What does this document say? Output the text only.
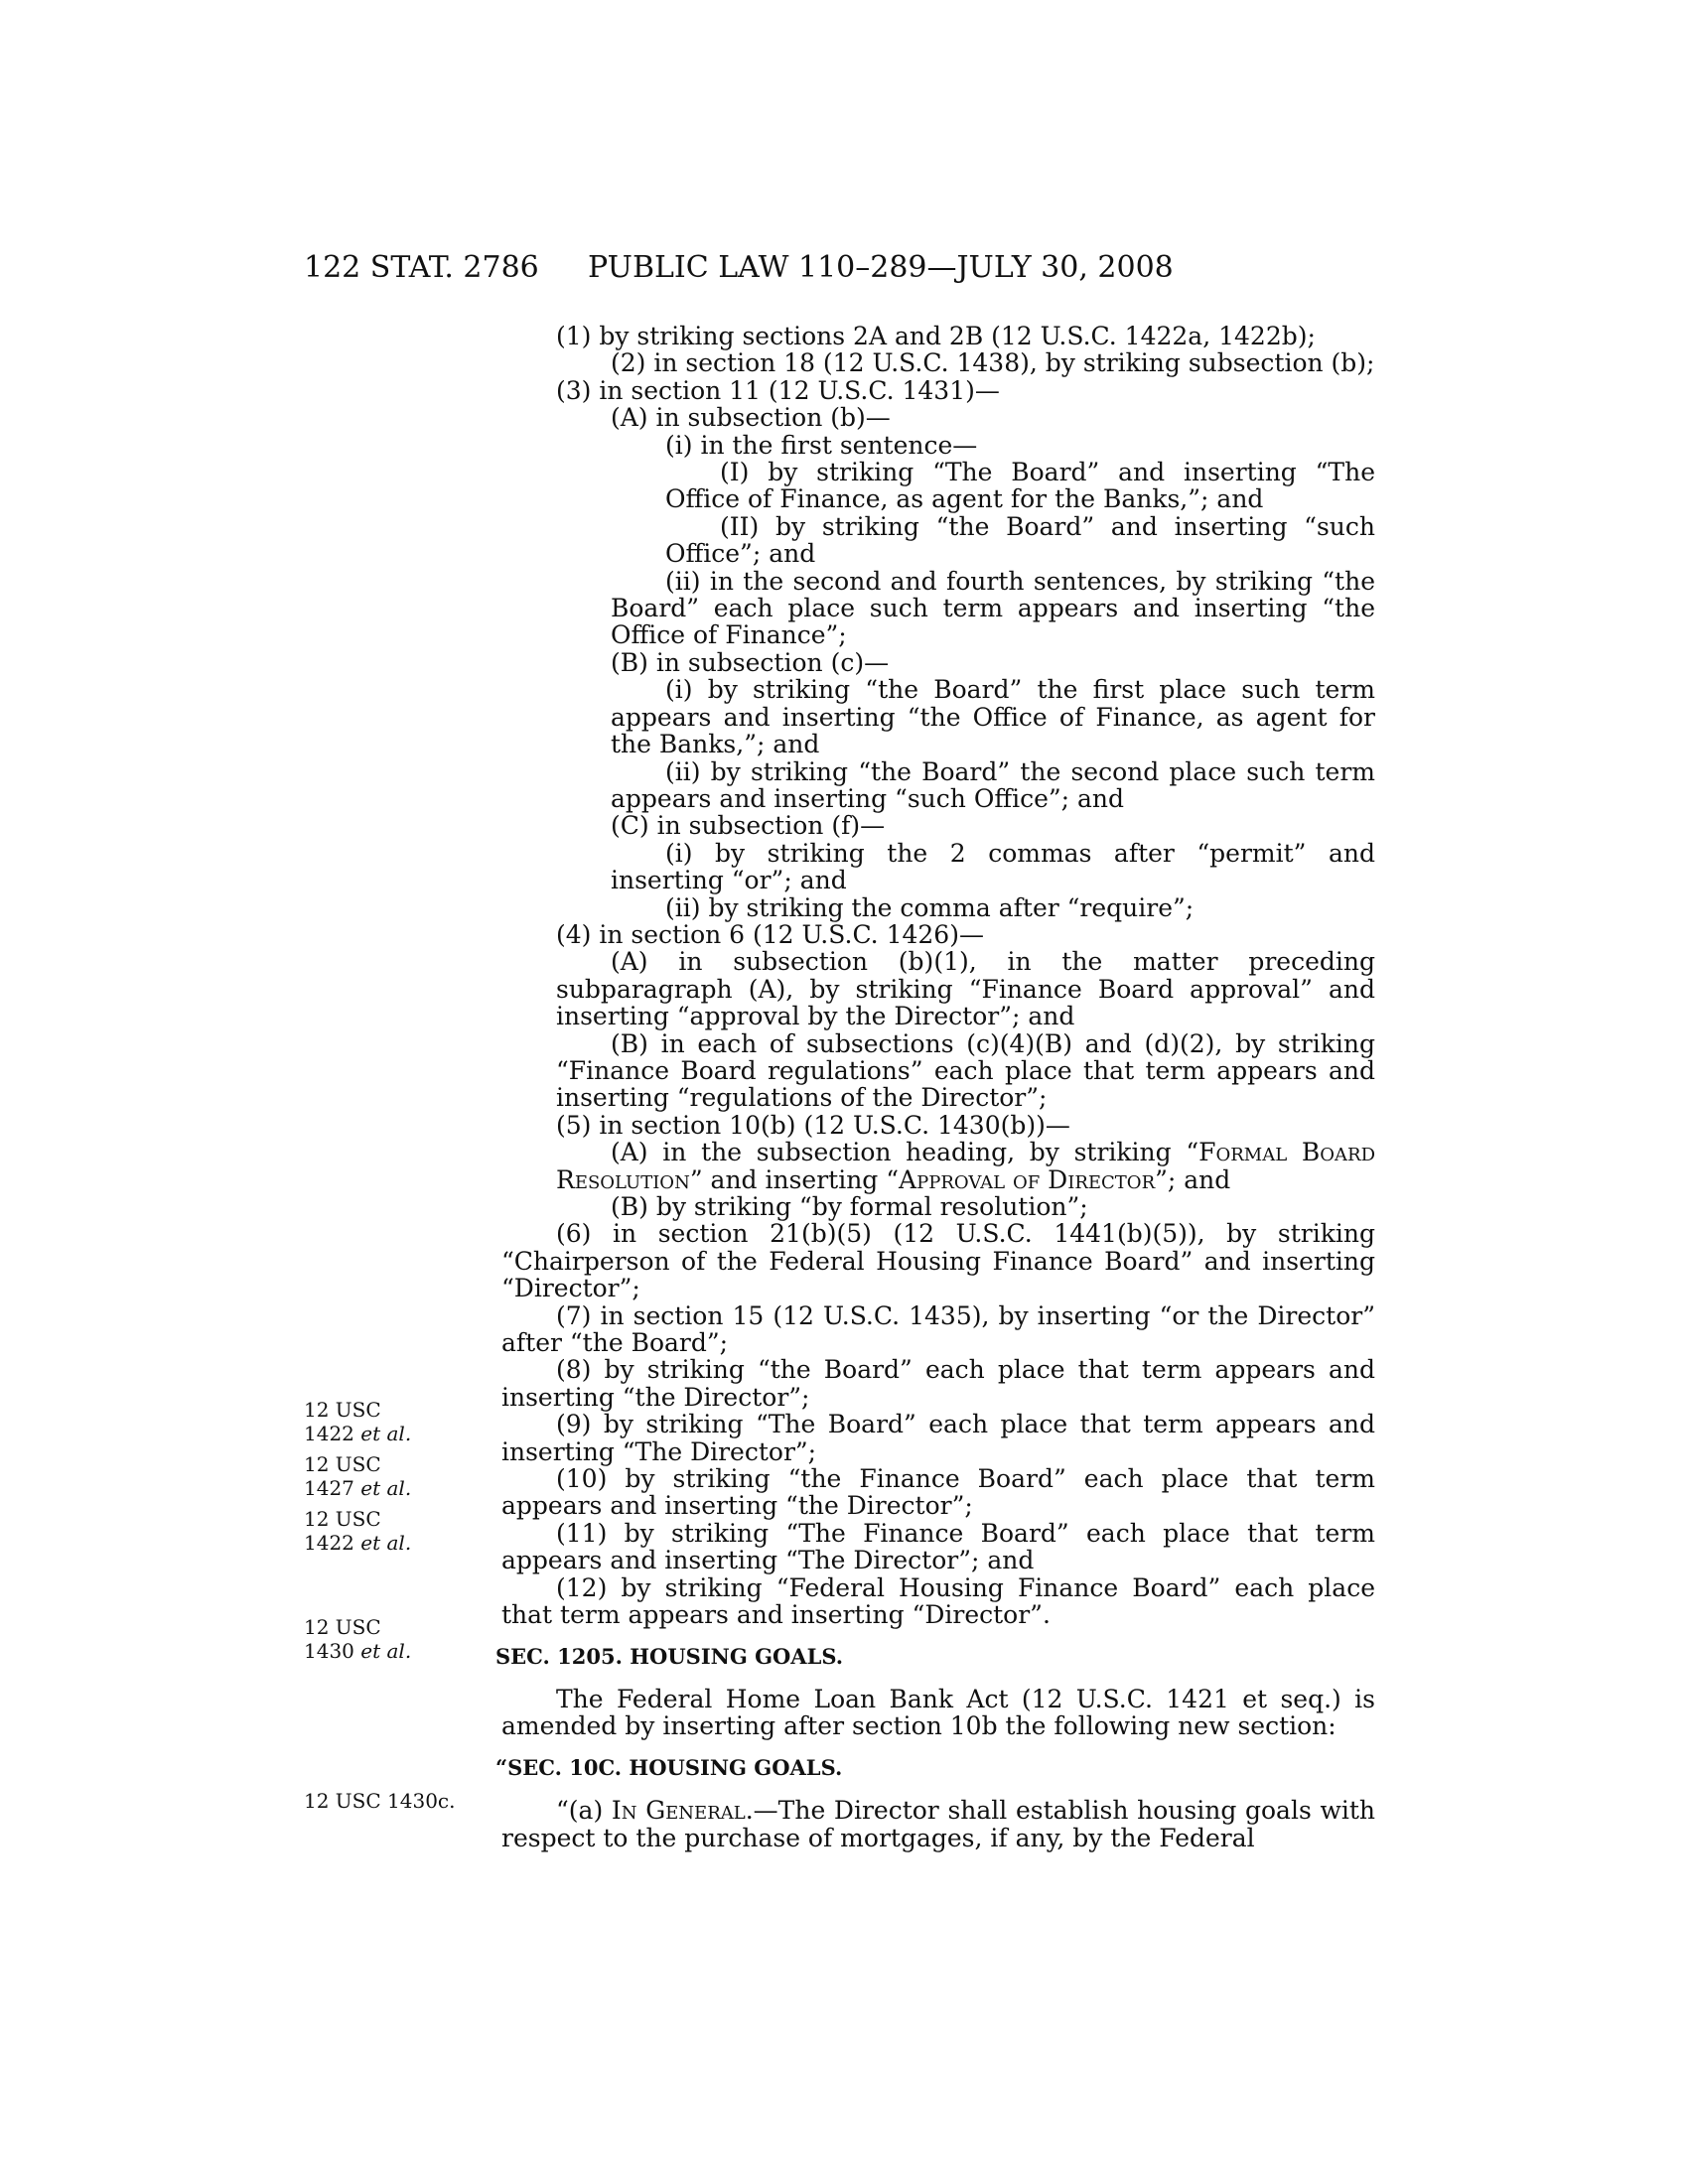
122 STAT. 2786 PUBLIC LAW 110–289—JULY 30, 2008
12 USC
1422 et al.
12 USC
1427 et al.
12 USC
1422 et al.
12 USC
1430 et al.
12 USC 1430c.

(1) by striking sections 2A and 2B (12 U.S.C. 1422a, 1422b);

(2) in section 18 (12 U.S.C. 1438), by striking subsection (b);

(3) in section 11 (12 U.S.C. 1431)—

(A) in subsection (b)—

(i) in the first sentence—

(I) by striking “The Board” and inserting “The Office of Finance, as agent for the Banks,”; and

(II) by striking “the Board” and inserting “such Office”; and

(ii) in the second and fourth sentences, by striking “the Board” each place such term appears and inserting “the Office of Finance”;

(B) in subsection (c)—

(i) by striking “the Board” the first place such term appears and inserting “the Office of Finance, as agent for the Banks,”; and

(ii) by striking “the Board” the second place such term appears and inserting “such Office”; and

(C) in subsection (f)—

(i) by striking the 2 commas after “permit” and inserting “or”; and

(ii) by striking the comma after “require”;

(4) in section 6 (12 U.S.C. 1426)—

(A) in subsection (b)(1), in the matter preceding subparagraph (A), by striking “Finance Board approval” and inserting “approval by the Director”; and

(B) in each of subsections (c)(4)(B) and (d)(2), by striking “Finance Board regulations” each place that term appears and inserting “regulations of the Director”;

(5) in section 10(b) (12 U.S.C. 1430(b))—

(A) in the subsection heading, by striking “Formal Board Resolution” and inserting “Approval of Director”; and

(B) by striking “by formal resolution”;

(6) in section 21(b)(5) (12 U.S.C. 1441(b)(5)), by striking “Chairperson of the Federal Housing Finance Board” and inserting “Director”;

(7) in section 15 (12 U.S.C. 1435), by inserting “or the Director” after “the Board”;

(8) by striking “the Board” each place that term appears and inserting “the Director”;

(9) by striking “The Board” each place that term appears and inserting “The Director”;

(10) by striking “the Finance Board” each place that term appears and inserting “the Director”;

(11) by striking “The Finance Board” each place that term appears and inserting “The Director”; and

(12) by striking “Federal Housing Finance Board” each place that term appears and inserting “Director”.

SEC. 1205. HOUSING GOALS.

The Federal Home Loan Bank Act (12 U.S.C. 1421 et seq.) is amended by inserting after section 10b the following new section:

“SEC. 10C. HOUSING GOALS.

“(a) In General.—The Director shall establish housing goals with respect to the purchase of mortgages, if any, by the Federal
